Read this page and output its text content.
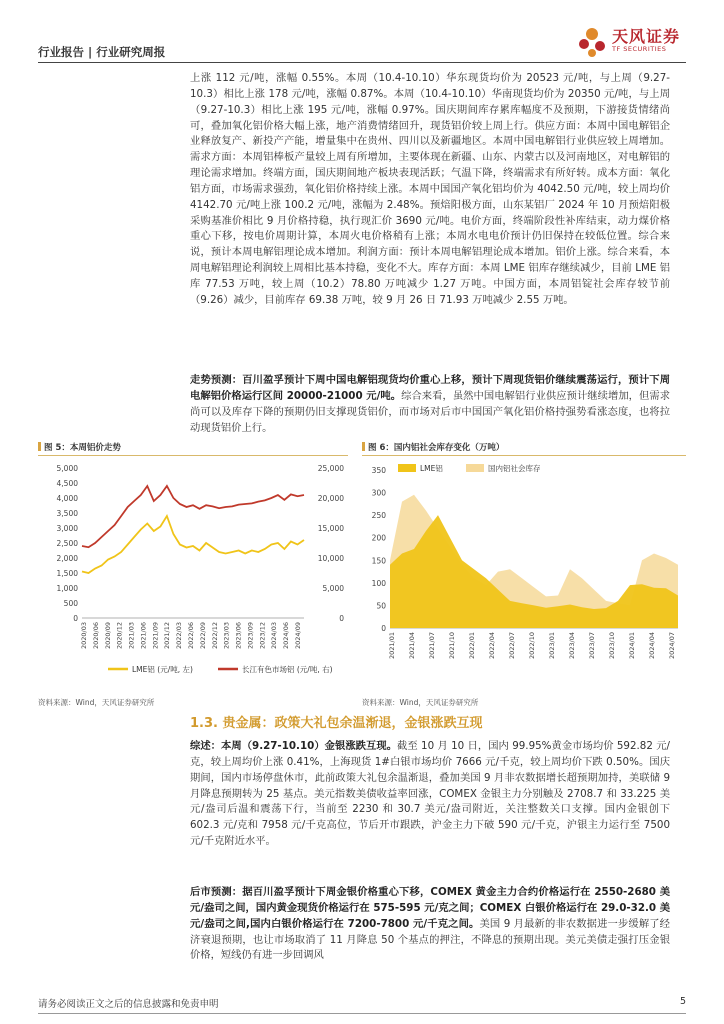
行业报告 | 行业研究周报
天风证券
TF SECURITIES
上涨 112 元/吨，涨幅 0.55%。本周（10.4-10.10）华东现货均价为 20523 元/吨，与上周（9.27-10.3）相比上涨 178 元/吨，涨幅 0.87%。本周（10.4-10.10）华南现货均价为 20350 元/吨，与上周（9.27-10.3）相比上涨 195 元/吨，涨幅 0.97%。国庆期间库存累库幅度不及预期，下游接货情绪尚可，叠加氧化铝价格大幅上涨，地产消费情绪回升，现货铝价较上周上行。供应方面：本周中国电解铝企业释放复产、新投产产能，增量集中在贵州、四川以及新疆地区。本周中国电解铝行业供应较上周增加。需求方面：本周铝棒板产量较上周有所增加，主要体现在新疆、山东、内蒙古以及河南地区，对电解铝的理论需求增加。终端方面，国庆期间地产板块表现活跃；气温下降，终端需求有所好转。成本方面：氧化铝方面，市场需求强劲，氧化铝价格持续上涨。本周中国国产氧化铝均价为 4042.50 元/吨，较上周均价 4142.70 元/吨上涨 100.2 元/吨，涨幅为 2.48%。预焙阳极方面，山东某铝厂 2024 年 10 月预焙阳极采购基准价相比 9 月价格持稳，执行现汇价 3690 元/吨。电价方面，终端阶段性补库结束，动力煤价格重心下移，按电价周期计算，本周火电价格稍有上涨；本周水电电价预计仍旧保持在较低位置。综合来说，预计本周电解铝理论成本增加。利润方面：预计本周电解铝理论成本增加。铝价上涨。综合来看，本周电解铝理论利润较上周相比基本持稳，变化不大。库存方面：本周 LME 铝库存继续减少，目前 LME 铝库 77.53 万吨，较上周（10.2）78.80 万吨减少 1.27 万吨。中国方面，本周铝锭社会库存较节前（9.26）减少，目前库存 69.38 万吨，较 9 月 26 日 71.93 万吨减少 2.55 万吨。
走势预测：百川盈孚预计下周中国电解铝现货均价重心上移，预计下周现货铝价继续震荡运行，预计下周电解铝价格运行区间 20000-21000 元/吨。综合来看，虽然中国电解铝行业供应预计继续增加，但需求尚可以及库存下降的预期仍旧支撑现货铝价，而市场对后市中国国产氧化铝价格持强势看涨态度，也将拉动现货铝价上行。
图 5：本周铝价走势
0
500
1,000
1,500
2,000
2,500
3,000
3,500
4,000
4,500
5,000
0
5,000
10,000
15,000
20,000
25,000
2020/03 2020/06 2020/09 2020/12 2021/03 2021/06 2021/09 2021/12 2022/03 2022/06 2022/09 2022/12 2023/03 2023/06 2023/09 2023/12 2024/03 2024/06 2024/09
LME铝 (元/吨, 左)	长江有色市场铝 (元/吨, 右)
资料来源：Wind，天风证券研究所
图 6：国内铝社会库存变化（万吨）
0
50
100
150
200
250
300
350
2021/01 2021/04 2021/07 2021/10 2022/01 2022/04 2022/07 2022/10 2023/01 2023/04 2023/07 2023/10 2024/01 2024/04 2024/07
LME铝	国内铝社会库存
资料来源：Wind，天风证券研究所
1.3. 贵金属：政策大礼包余温渐退，金银涨跌互现
综述：本周（9.27-10.10）金银涨跌互现。截至 10 月 10 日，国内 99.95%黄金市场均价 592.82 元/克，较上周均价上涨 0.41%，上海现货 1#白银市场均价 7666 元/千克，较上周均价下跌 0.50%。国庆期间，国内市场停盘休市，此前政策大礼包余温渐退，叠加美国 9 月非农数据增长超预期加持，美联储 9 月降息预期转为 25 基点。美元指数美债收益率回涨，COMEX 金银主力分别触及 2708.7 和 33.225 美元/盎司后温和震荡下行，当前至 2230 和 30.7 美元/盎司附近，关注整数关口支撑。国内金银创下 602.3 元/克和 7958 元/千克高位，节后开市跟跌，沪金主力下破 590 元/千克，沪银主力运行至 7500 元/千克附近水平。
后市预测：据百川盈孚预计下周金银价格重心下移，COMEX 黄金主力合约价格运行在 2550-2680 美元/盎司之间，国内黄金现货价格运行在 575-595 元/克之间；COMEX 白银价格运行在 29.0-32.0 美元/盎司之间,国内白银价格运行在 7200-7800 元/千克之间。美国 9 月最新的非农数据进一步缓解了经济衰退预期，也让市场取消了 11 月降息 50 个基点的押注，不降息的预期出现。美元美债走强打压金银价格，短线仍有进一步回调风
请务必阅读正文之后的信息披露和免责申明	5
